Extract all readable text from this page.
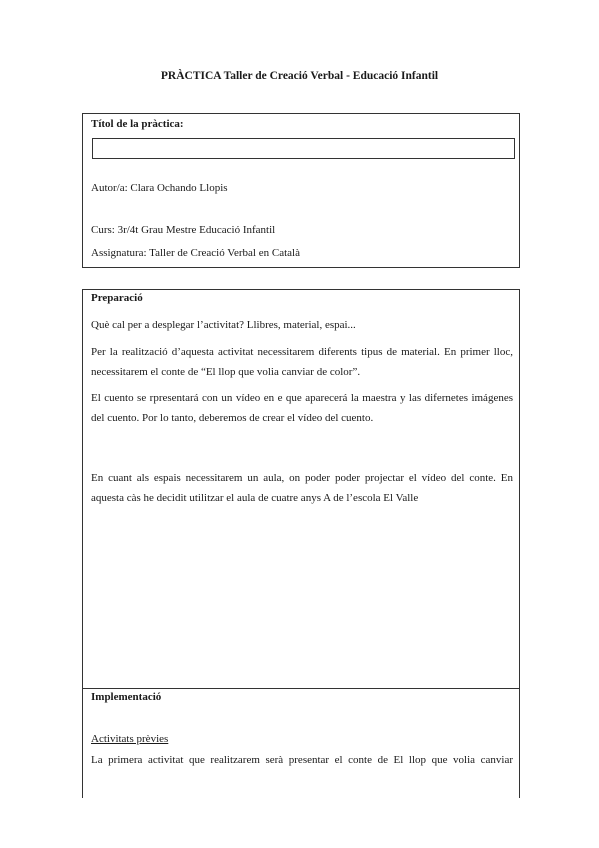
PRÀCTICA Taller de Creació Verbal - Educació Infantil
Títol de la pràctica:
Autor/a: Clara Ochando Llopis
Curs: 3r/4t Grau Mestre Educació Infantil
Assignatura: Taller de Creació Verbal en Català
Preparació
Què cal per a desplegar l’activitat? Llibres, material, espai...
Per la realització d’aquesta activitat necessitarem diferents tipus de material. En primer lloc, necessitarem el conte de “El llop que volia canviar de color”.
El cuento se rpresentará con un vídeo en e que aparecerá la maestra y las difernetes imágenes del cuento. Por lo tanto, deberemos de crear el vídeo del cuento.
En cuant als espais necessitarem un aula, on poder poder projectar el vídeo del conte. En aquesta càs he decidit utilitzar el aula de cuatre anys A de l’escola El Valle
Implementació
Activitats prèvies
La primera activitat que realitzarem serà presentar el conte de El llop que volia canviar
